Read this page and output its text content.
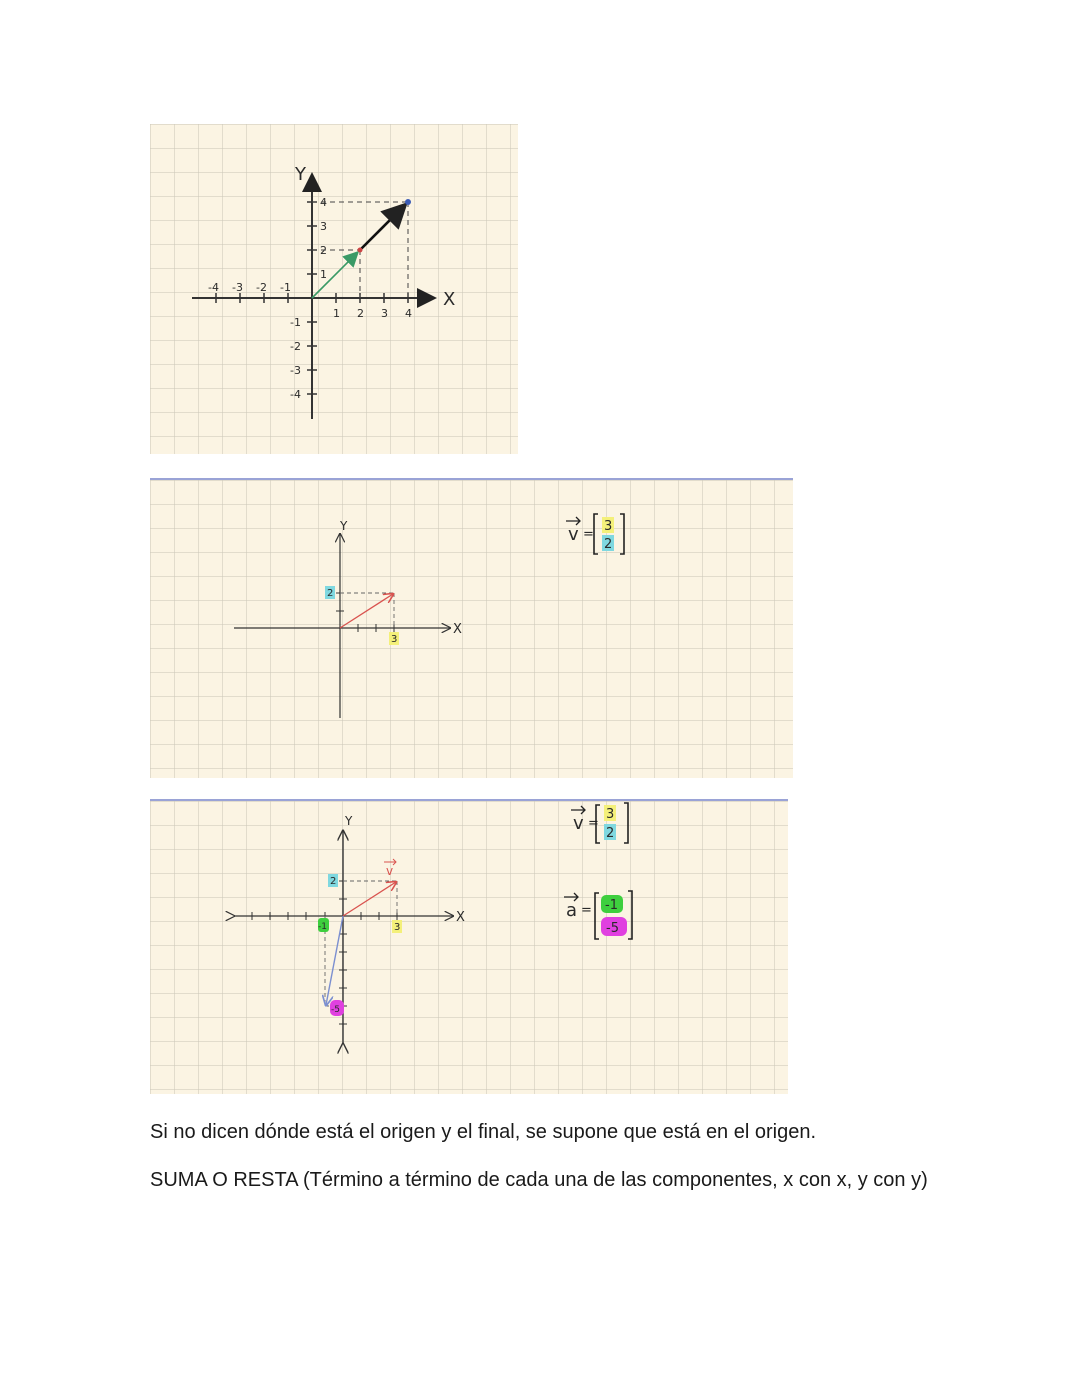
X
Y
1 2 3 4
-4 -3 -2 -1
1
2
3
4
-1
-2
-3
-4
X
Y
3
2
v =
3
2
X
Y
v
3
2
-1
-5
v =
3
2
a = -1
-5
Si no dicen dónde está el origen y el final, se supone que está en el origen.
SUMA O RESTA (Término a término de cada una de las componentes, x con x, y con y)
